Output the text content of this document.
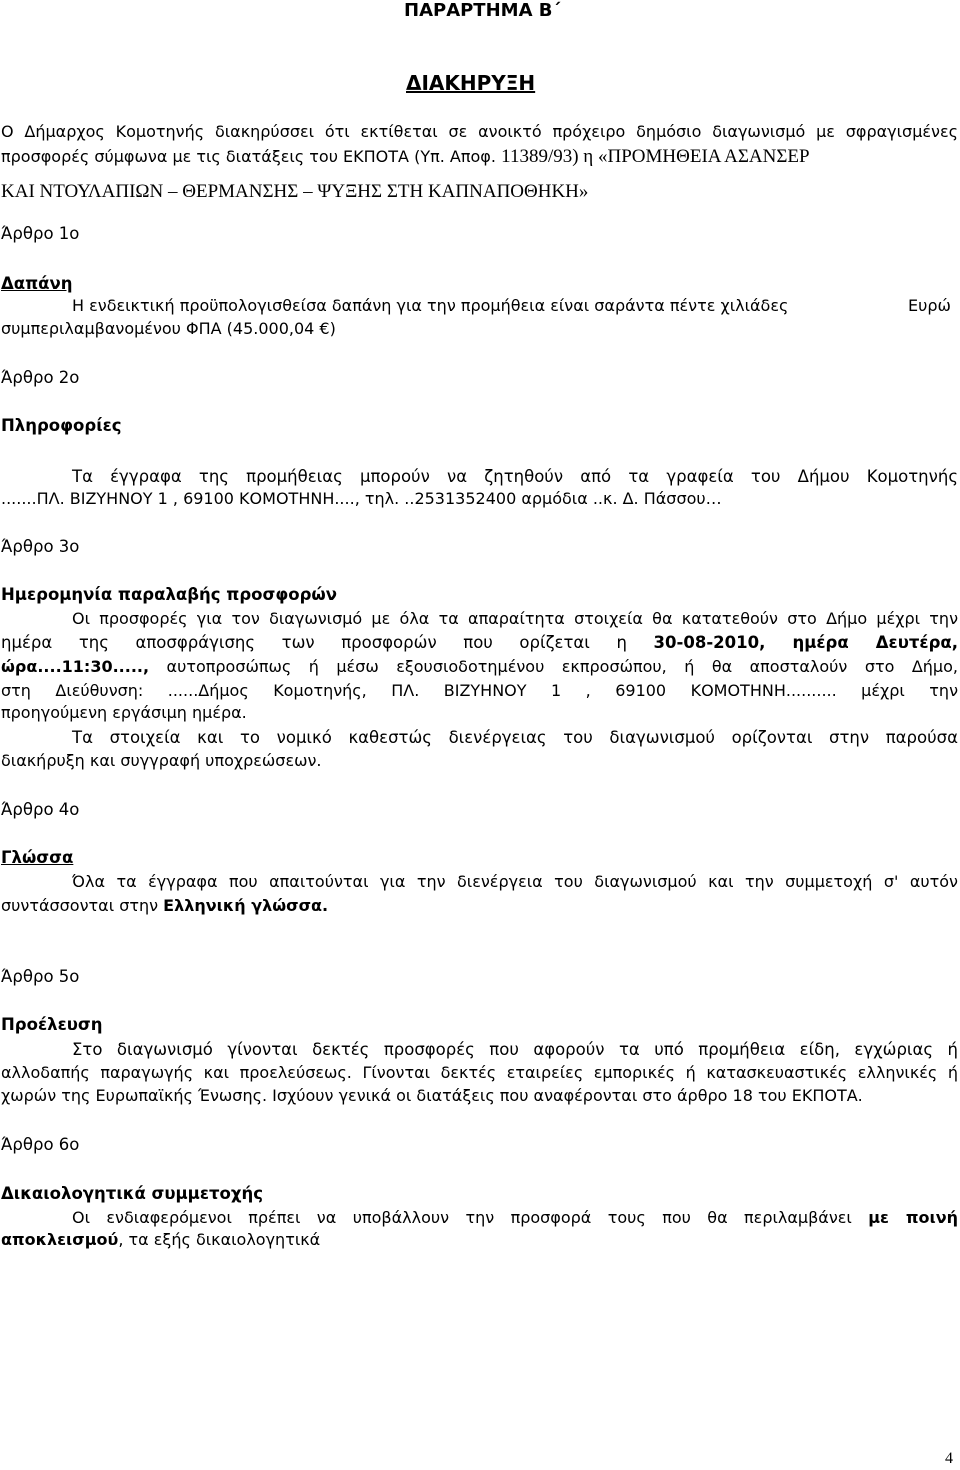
ΠΑΡΑΡΤΗΜΑ Β΄
ΔΙΑΚΗΡΥΞΗ
Ο Δήμαρχος Κομοτηνής διακηρύσσει ότι εκτίθεται σε ανοικτό πρόχειρο δημόσιο διαγωνισμό με σφραγισμένες
προσφορές σύμφωνα με τις διατάξεις του ΕΚΠΟΤΑ (Υπ. Αποφ. 11389/93) η «ΠΡΟΜΗΘΕΙΑ ΑΣΑΝΣΕΡ
ΚΑΙ ΝΤΟΥΛΑΠΙΩΝ – ΘΕΡΜΑΝΣΗΣ – ΨΥΞΗΣ ΣΤΗ ΚΑΠΝΑΠΟΘΗΚΗ»
Άρθρο 1ο
Δαπάνη
Η ενδεικτική προϋπολογισθείσα δαπάνη για την προμήθεια είναι σαράντα πέντε χιλιάδες	Ευρώ
συμπεριλαμβανομένου ΦΠΑ (45.000,04 €)
Άρθρο 2ο
Πληροφορίες
Τα έγγραφα της προμήθειας μπορούν να ζητηθούν από τα γραφεία του Δήμου Κομοτηνής
.......ΠΛ. ΒΙΖΥΗΝΟΥ 1 , 69100 ΚΟΜΟΤΗΝΗ...., τηλ. ..2531352400 αρμόδια ..κ. Δ. Πάσσου…
Άρθρο 3ο
Ημερομηνία παραλαβής προσφορών
Οι προσφορές για τον διαγωνισμό με όλα τα απαραίτητα στοιχεία θα κατατεθούν στο Δήμο μέχρι την
ημέρα της αποσφράγισης των προσφορών που ορίζεται η 30-08-2010, ημέρα Δευτέρα,
ώρα....11:30....., αυτοπροσώπως ή μέσω εξουσιοδοτημένου εκπροσώπου, ή θα αποσταλούν στο Δήμο,
στη Διεύθυνση: ......Δήμος Κομοτηνής, ΠΛ. ΒΙΖΥΗΝΟΥ 1 , 69100 ΚΟΜΟΤΗΝΗ.......... μέχρι την
προηγούμενη εργάσιμη ημέρα.
Τα στοιχεία και το νομικό καθεστώς διενέργειας του διαγωνισμού ορίζονται στην παρούσα
διακήρυξη και συγγραφή υποχρεώσεων.
Άρθρο 4ο
Γλώσσα
Όλα τα έγγραφα που απαιτούνται για την διενέργεια του διαγωνισμού και την συμμετοχή σ' αυτόν
συντάσσονται στην Ελληνική γλώσσα.
Άρθρο 5ο
Προέλευση
Στο διαγωνισμό γίνονται δεκτές προσφορές που αφορούν τα υπό προμήθεια είδη, εγχώριας ή
αλλοδαπής παραγωγής και προελεύσεως. Γίνονται δεκτές εταιρείες εμπορικές ή κατασκευαστικές ελληνικές ή
χωρών της Ευρωπαϊκής Ένωσης. Ισχύουν γενικά οι διατάξεις που αναφέρονται στο άρθρο 18 του ΕΚΠΟΤΑ.
Άρθρο 6ο
Δικαιολογητικά συμμετοχής
Οι ενδιαφερόμενοι πρέπει να υποβάλλουν την προσφορά τους που θα περιλαμβάνει με ποινή
αποκλεισμού, τα εξής δικαιολογητικά
4
